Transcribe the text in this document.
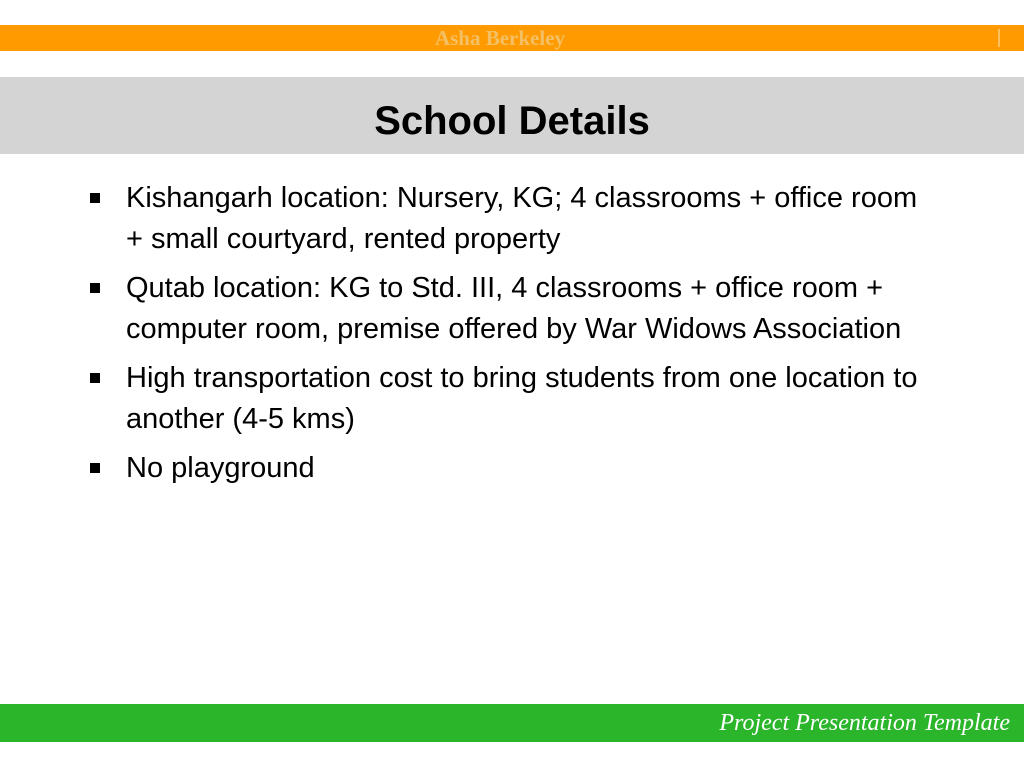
Asha Berkeley
School Details
Kishangarh location: Nursery, KG; 4 classrooms + office room + small courtyard, rented property
Qutab location: KG to Std. III, 4 classrooms + office room + computer room, premise offered by War Widows Association
High transportation cost to bring students from one location to another (4-5 kms)
No playground
Project Presentation Template
